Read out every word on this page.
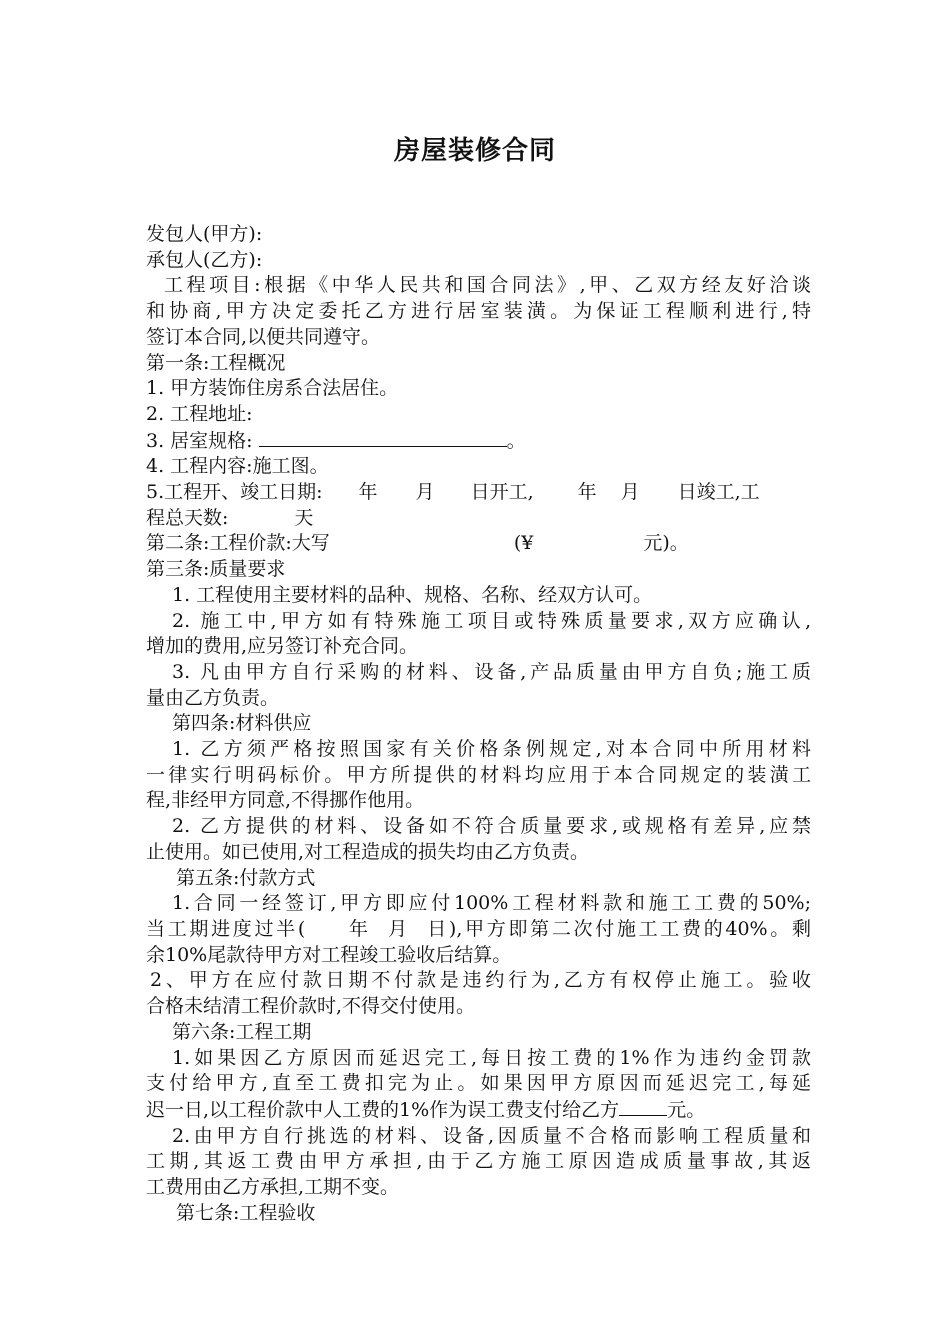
房屋装修合同

发包人(甲方):

承包人(乙方):

工程项目:根据《中华人民共和国合同法》,甲、乙双方经友好洽谈

和协商,甲方决定委托乙方进行居室装潢。为保证工程顺利进行,特

签订本合同,以便共同遵守。

第一条:工程概况

1. 甲方装饰住房系合法居住。

2. 工程地址:

3. 居室规格:	。

4. 工程内容:施工图。

5.工程开、竣工日期: 年 月 日开工, 年 月 日竣工,工

程总天数:	天

第二条:工程价款:大写	(¥	元)。

第三条:质量要求

1. 工程使用主要材料的品种、规格、名称、经双方认可。

2. 施工中,甲方如有特殊施工项目或特殊质量要求,双方应确认,

增加的费用,应另签订补充合同。

3. 凡由甲方自行采购的材料、设备,产品质量由甲方自负;施工质

量由乙方负责。

第四条:材料供应

1. 乙方须严格按照国家有关价格条例规定,对本合同中所用材料

一律实行明码标价。甲方所提供的材料均应用于本合同规定的装潢工

程,非经甲方同意,不得挪作他用。

2. 乙方提供的材料、设备如不符合质量要求,或规格有差异,应禁

止使用。如已使用,对工程造成的损失均由乙方负责。

第五条:付款方式

1.合同一经签订,甲方即应付100%工程材料款和施工工费的50%;

当工期进度过半(     年  月  日),甲方即第二次付施工工费的40%。剩

余10%尾款待甲方对工程竣工验收后结算。

2、甲方在应付款日期不付款是违约行为,乙方有权停止施工。验收

合格未结清工程价款时,不得交付使用。

第六条:工程工期

1.如果因乙方原因而延迟完工,每日按工费的1%作为违约金罚款

支付给甲方,直至工费扣完为止。如果因甲方原因而延迟完工,每延

迟一日,以工程价款中人工费的1%作为误工费支付给乙方	元。

2.由甲方自行挑选的材料、设备,因质量不合格而影响工程质量和

工期,其返工费由甲方承担,由于乙方施工原因造成质量事故,其返

工费用由乙方承担,工期不变。

第七条:工程验收
